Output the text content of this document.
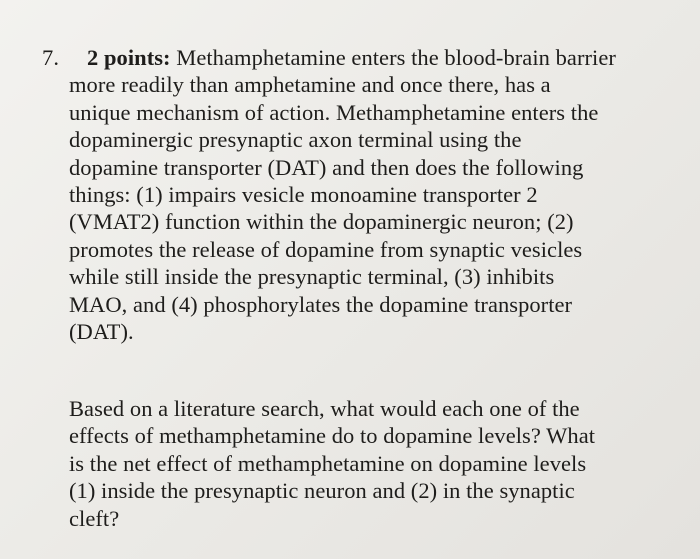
7. 2 points: Methamphetamine enters the blood-brain barrier
more readily than amphetamine and once there, has a
unique mechanism of action. Methamphetamine enters the
dopaminergic presynaptic axon terminal using the
dopamine transporter (DAT) and then does the following
things: (1) impairs vesicle monoamine transporter 2
(VMAT2) function within the dopaminergic neuron; (2)
promotes the release of dopamine from synaptic vesicles
while still inside the presynaptic terminal, (3) inhibits
MAO, and (4) phosphorylates the dopamine transporter
(DAT).
Based on a literature search, what would each one of the
effects of methamphetamine do to dopamine levels? What
is the net effect of methamphetamine on dopamine levels
(1) inside the presynaptic neuron and (2) in the synaptic
cleft?
